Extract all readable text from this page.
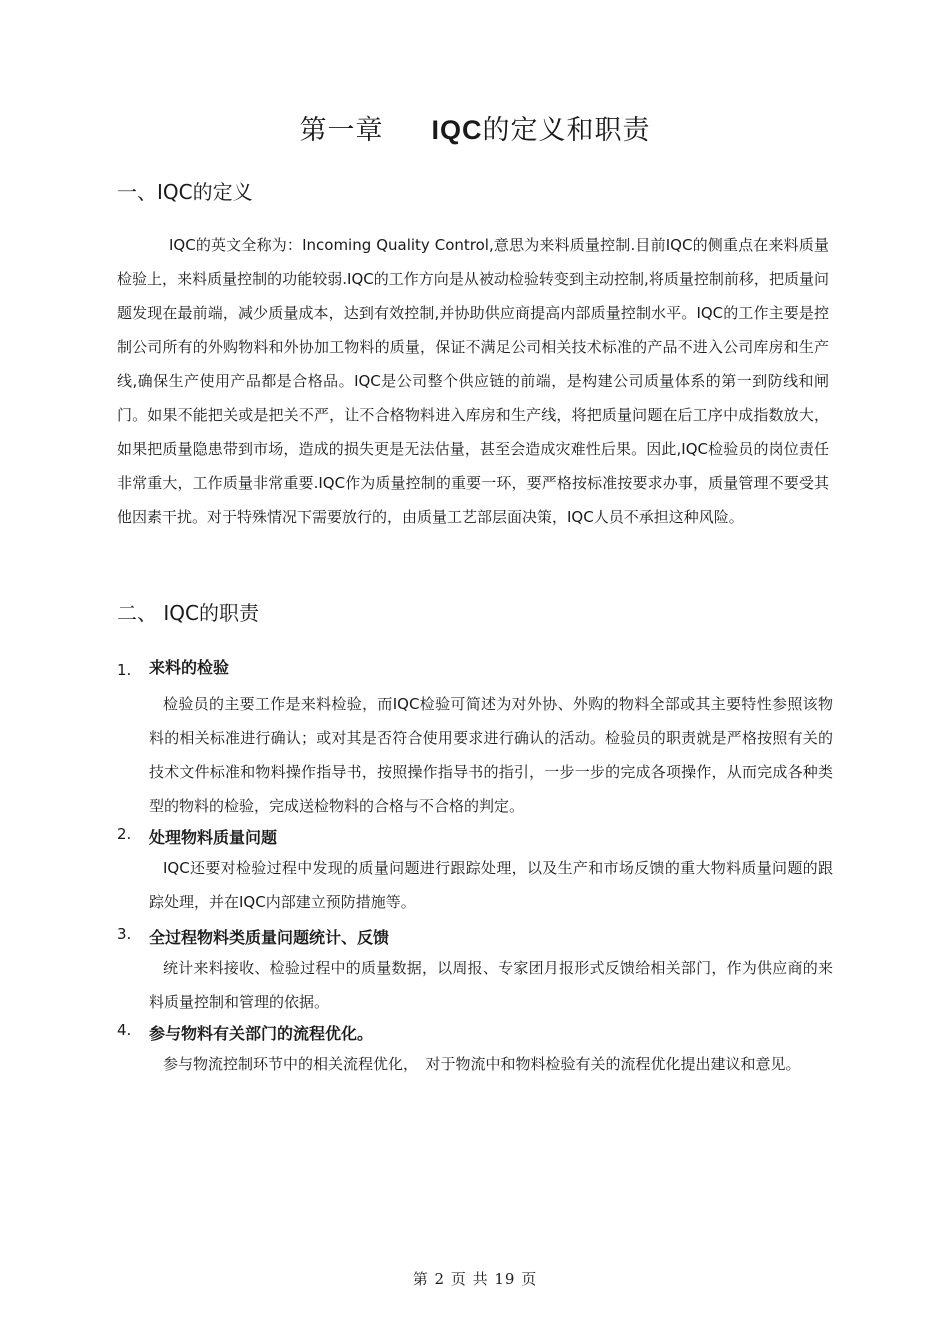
第一章 IQC的定义和职责
一、IQC的定义

IQC的英文全称为：Incoming Quality Control,意思为来料质量控制.目前IQC的侧重点在来料质量检验上，来料质量控制的功能较弱.IQC的工作方向是从被动检验转变到主动控制,将质量控制前移，把质量问题发现在最前端，减少质量成本，达到有效控制,并协助供应商提高内部质量控制水平。IQC的工作主要是控制公司所有的外购物料和外协加工物料的质量，保证不满足公司相关技术标准的产品不进入公司库房和生产线,确保生产使用产品都是合格品。IQC是公司整个供应链的前端，是构建公司质量体系的第一到防线和闸门。如果不能把关或是把关不严，让不合格物料进入库房和生产线，将把质量问题在后工序中成指数放大，如果把质量隐患带到市场，造成的损失更是无法估量，甚至会造成灾难性后果。因此,IQC检验员的岗位责任非常重大，工作质量非常重要.IQC作为质量控制的重要一环，要严格按标准按要求办事，质量管理不要受其他因素干扰。对于特殊情况下需要放行的，由质量工艺部层面决策，IQC人员不承担这种风险。

二、 IQC的职责
1. 来料的检验

检验员的主要工作是来料检验，而IQC检验可简述为对外协、外购的物料全部或其主要特性参照该物料的相关标准进行确认；或对其是否符合使用要求进行确认的活动。检验员的职责就是严格按照有关的技术文件标准和物料操作指导书，按照操作指导书的指引，一步一步的完成各项操作，从而完成各种类型的物料的检验，完成送检物料的合格与不合格的判定。

2. 处理物料质量问题

IQC还要对检验过程中发现的质量问题进行跟踪处理，以及生产和市场反馈的重大物料质量问题的跟踪处理，并在IQC内部建立预防措施等。

3. 全过程物料类质量问题统计、反馈

统计来料接收、检验过程中的质量数据，以周报、专家团月报形式反馈给相关部门，作为供应商的来料质量控制和管理的依据。

4. 参与物料有关部门的流程优化。

参与物流控制环节中的相关流程优化，　对于物流中和物料检验有关的流程优化提出建议和意见。

第 2 页 共 19 页
